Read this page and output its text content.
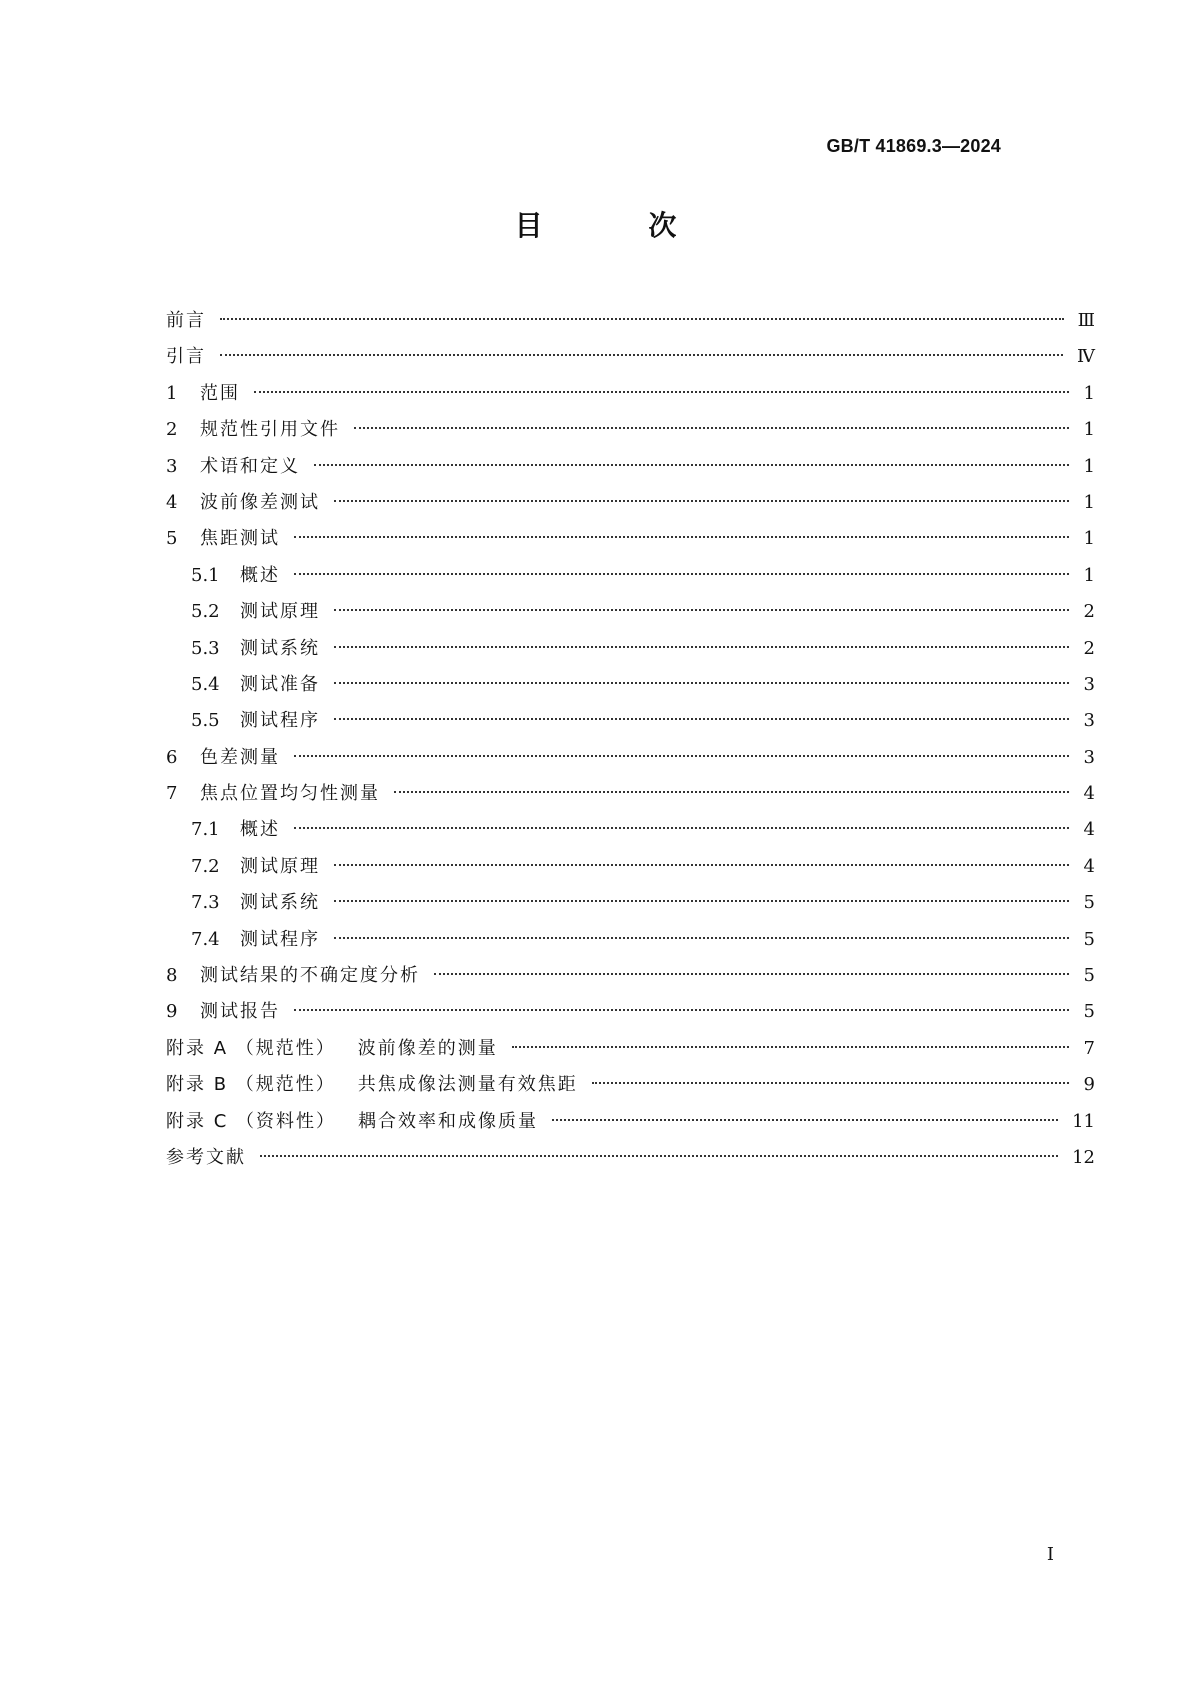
GB/T 41869.3—2024
目 次
前言	Ⅲ
引言	Ⅳ
1	范围	1
2	规范性引用文件	1
3	术语和定义	1
4	波前像差测试	1
5	焦距测试	1
5.1	概述	1
5.2	测试原理	2
5.3	测试系统	2
5.4	测试准备	3
5.5	测试程序	3
6	色差测量	3
7	焦点位置均匀性测量	4
7.1	概述	4
7.2	测试原理	4
7.3	测试系统	5
7.4	测试程序	5
8	测试结果的不确定度分析	5
9	测试报告	5
附录 A （规范性） 波前像差的测量	7
附录 B （规范性） 共焦成像法测量有效焦距	9
附录 C （资料性） 耦合效率和成像质量	11
参考文献	12
I
